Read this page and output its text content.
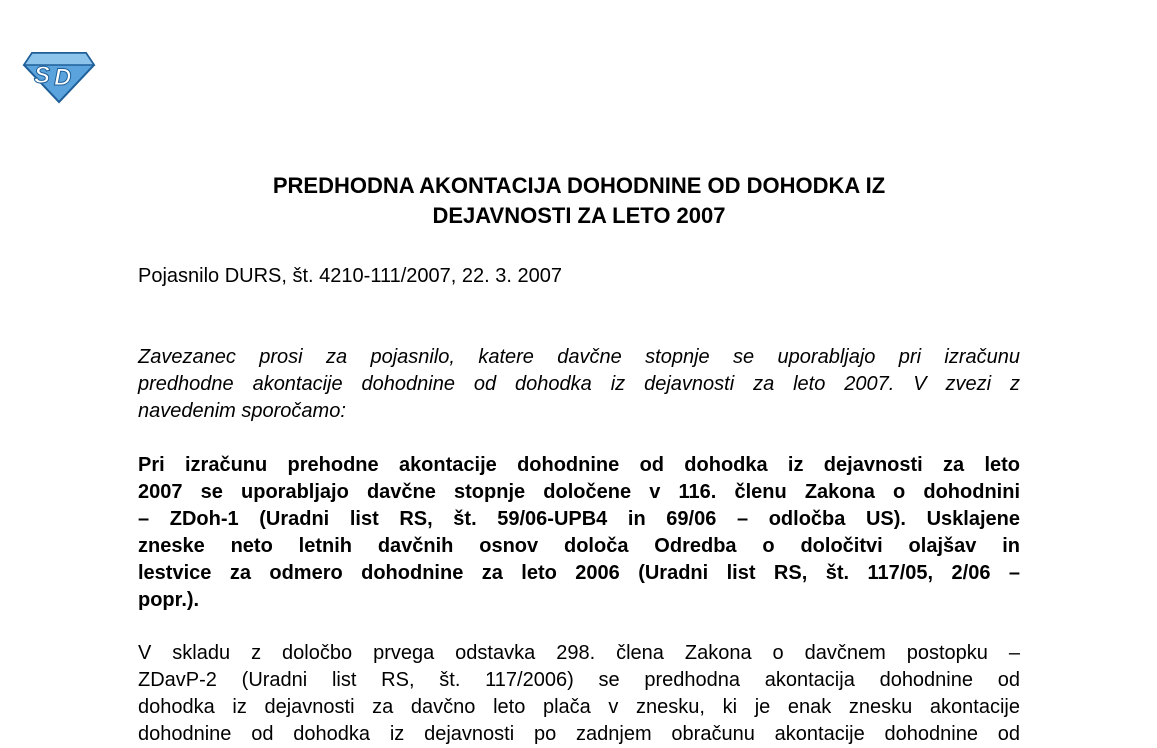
S D
PREDHODNA AKONTACIJA DOHODNINE OD DOHODKA IZ
DEJAVNOSTI ZA LETO 2007

Pojasnilo DURS, št. 4210-111/2007, 22. 3. 2007

Zavezanec prosi za pojasnilo, katere davčne stopnje se uporabljajo pri izračunu
predhodne akontacije dohodnine od dohodka iz dejavnosti za leto 2007. V zvezi z
navedenim sporočamo:

Pri izračunu prehodne akontacije dohodnine od dohodka iz dejavnosti za leto
2007 se uporabljajo davčne stopnje določene v 116. členu Zakona o dohodnini
– ZDoh-1 (Uradni list RS, št. 59/06-UPB4 in 69/06 – odločba US). Usklajene
zneske neto letnih davčnih osnov določa Odredba o določitvi olajšav in
lestvice za odmero dohodnine za leto 2006 (Uradni list RS, št. 117/05, 2/06 –
popr.).

V skladu z določbo prvega odstavka 298. člena Zakona o davčnem postopku –
ZDavP-2 (Uradni list RS, št. 117/2006) se predhodna akontacija dohodnine od
dohodka iz dejavnosti za davčno leto plača v znesku, ki je enak znesku akontacije
dohodnine od dohodka iz dejavnosti po zadnjem obračunu akontacije dohodnine od
